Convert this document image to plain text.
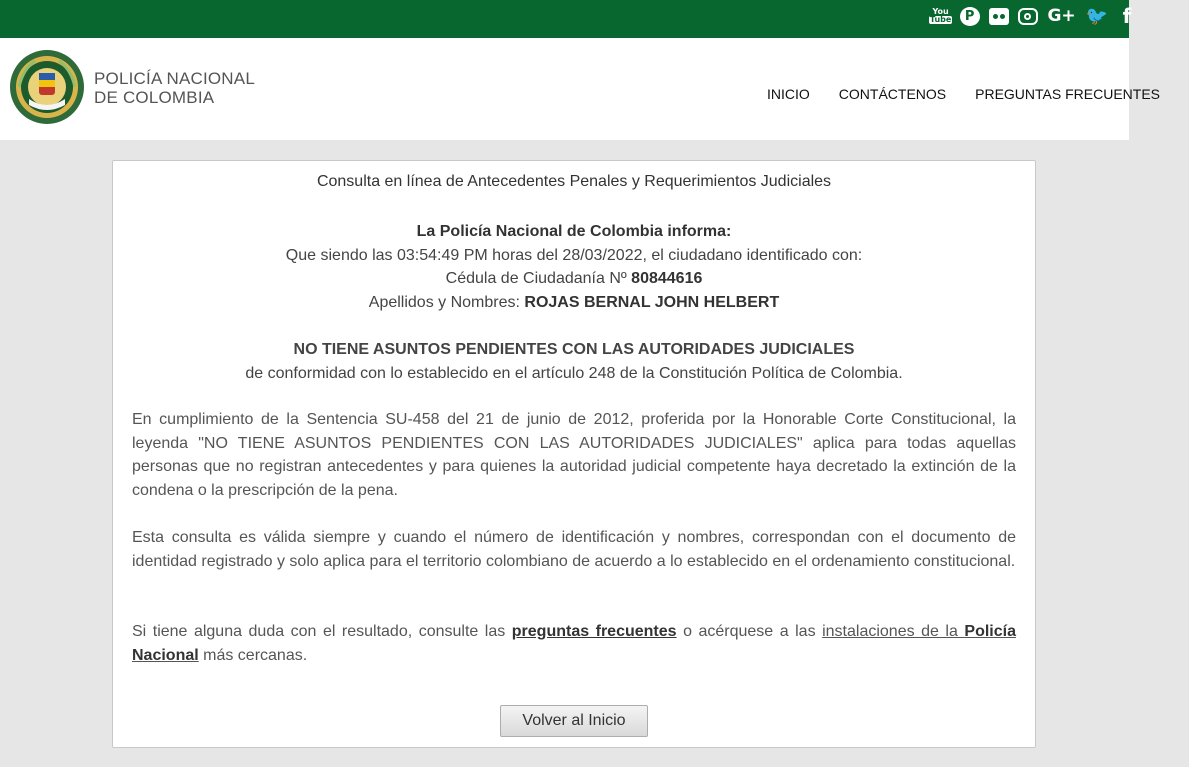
You
Tube P	G+ 🐦 f
POLICÍA NACIONAL
DE COLOMBIA	INICIO CONTÁCTENOS PREGUNTAS FRECUENTES
Consulta en línea de Antecedentes Penales y Requerimientos Judiciales
La Policía Nacional de Colombia informa:
Que siendo las 03:54:49 PM horas del 28/03/2022, el ciudadano identificado con:
Cédula de Ciudadanía Nº 80844616
Apellidos y Nombres: ROJAS BERNAL JOHN HELBERT
NO TIENE ASUNTOS PENDIENTES CON LAS AUTORIDADES JUDICIALES
de conformidad con lo establecido en el artículo 248 de la Constitución Política de Colombia.
En cumplimiento de la Sentencia SU-458 del 21 de junio de 2012, proferida por la Honorable Corte Constitucional, la leyenda "NO TIENE ASUNTOS PENDIENTES CON LAS AUTORIDADES JUDICIALES" aplica para todas aquellas personas que no registran antecedentes y para quienes la autoridad judicial competente haya decretado la extinción de la condena o la prescripción de la pena.
Esta consulta es válida siempre y cuando el número de identificación y nombres, correspondan con el documento de identidad registrado y solo aplica para el territorio colombiano de acuerdo a lo establecido en el ordenamiento constitucional.
Si tiene alguna duda con el resultado, consulte las preguntas frecuentes o acérquese a las instalaciones de la Policía Nacional más cercanas.
Volver al Inicio
